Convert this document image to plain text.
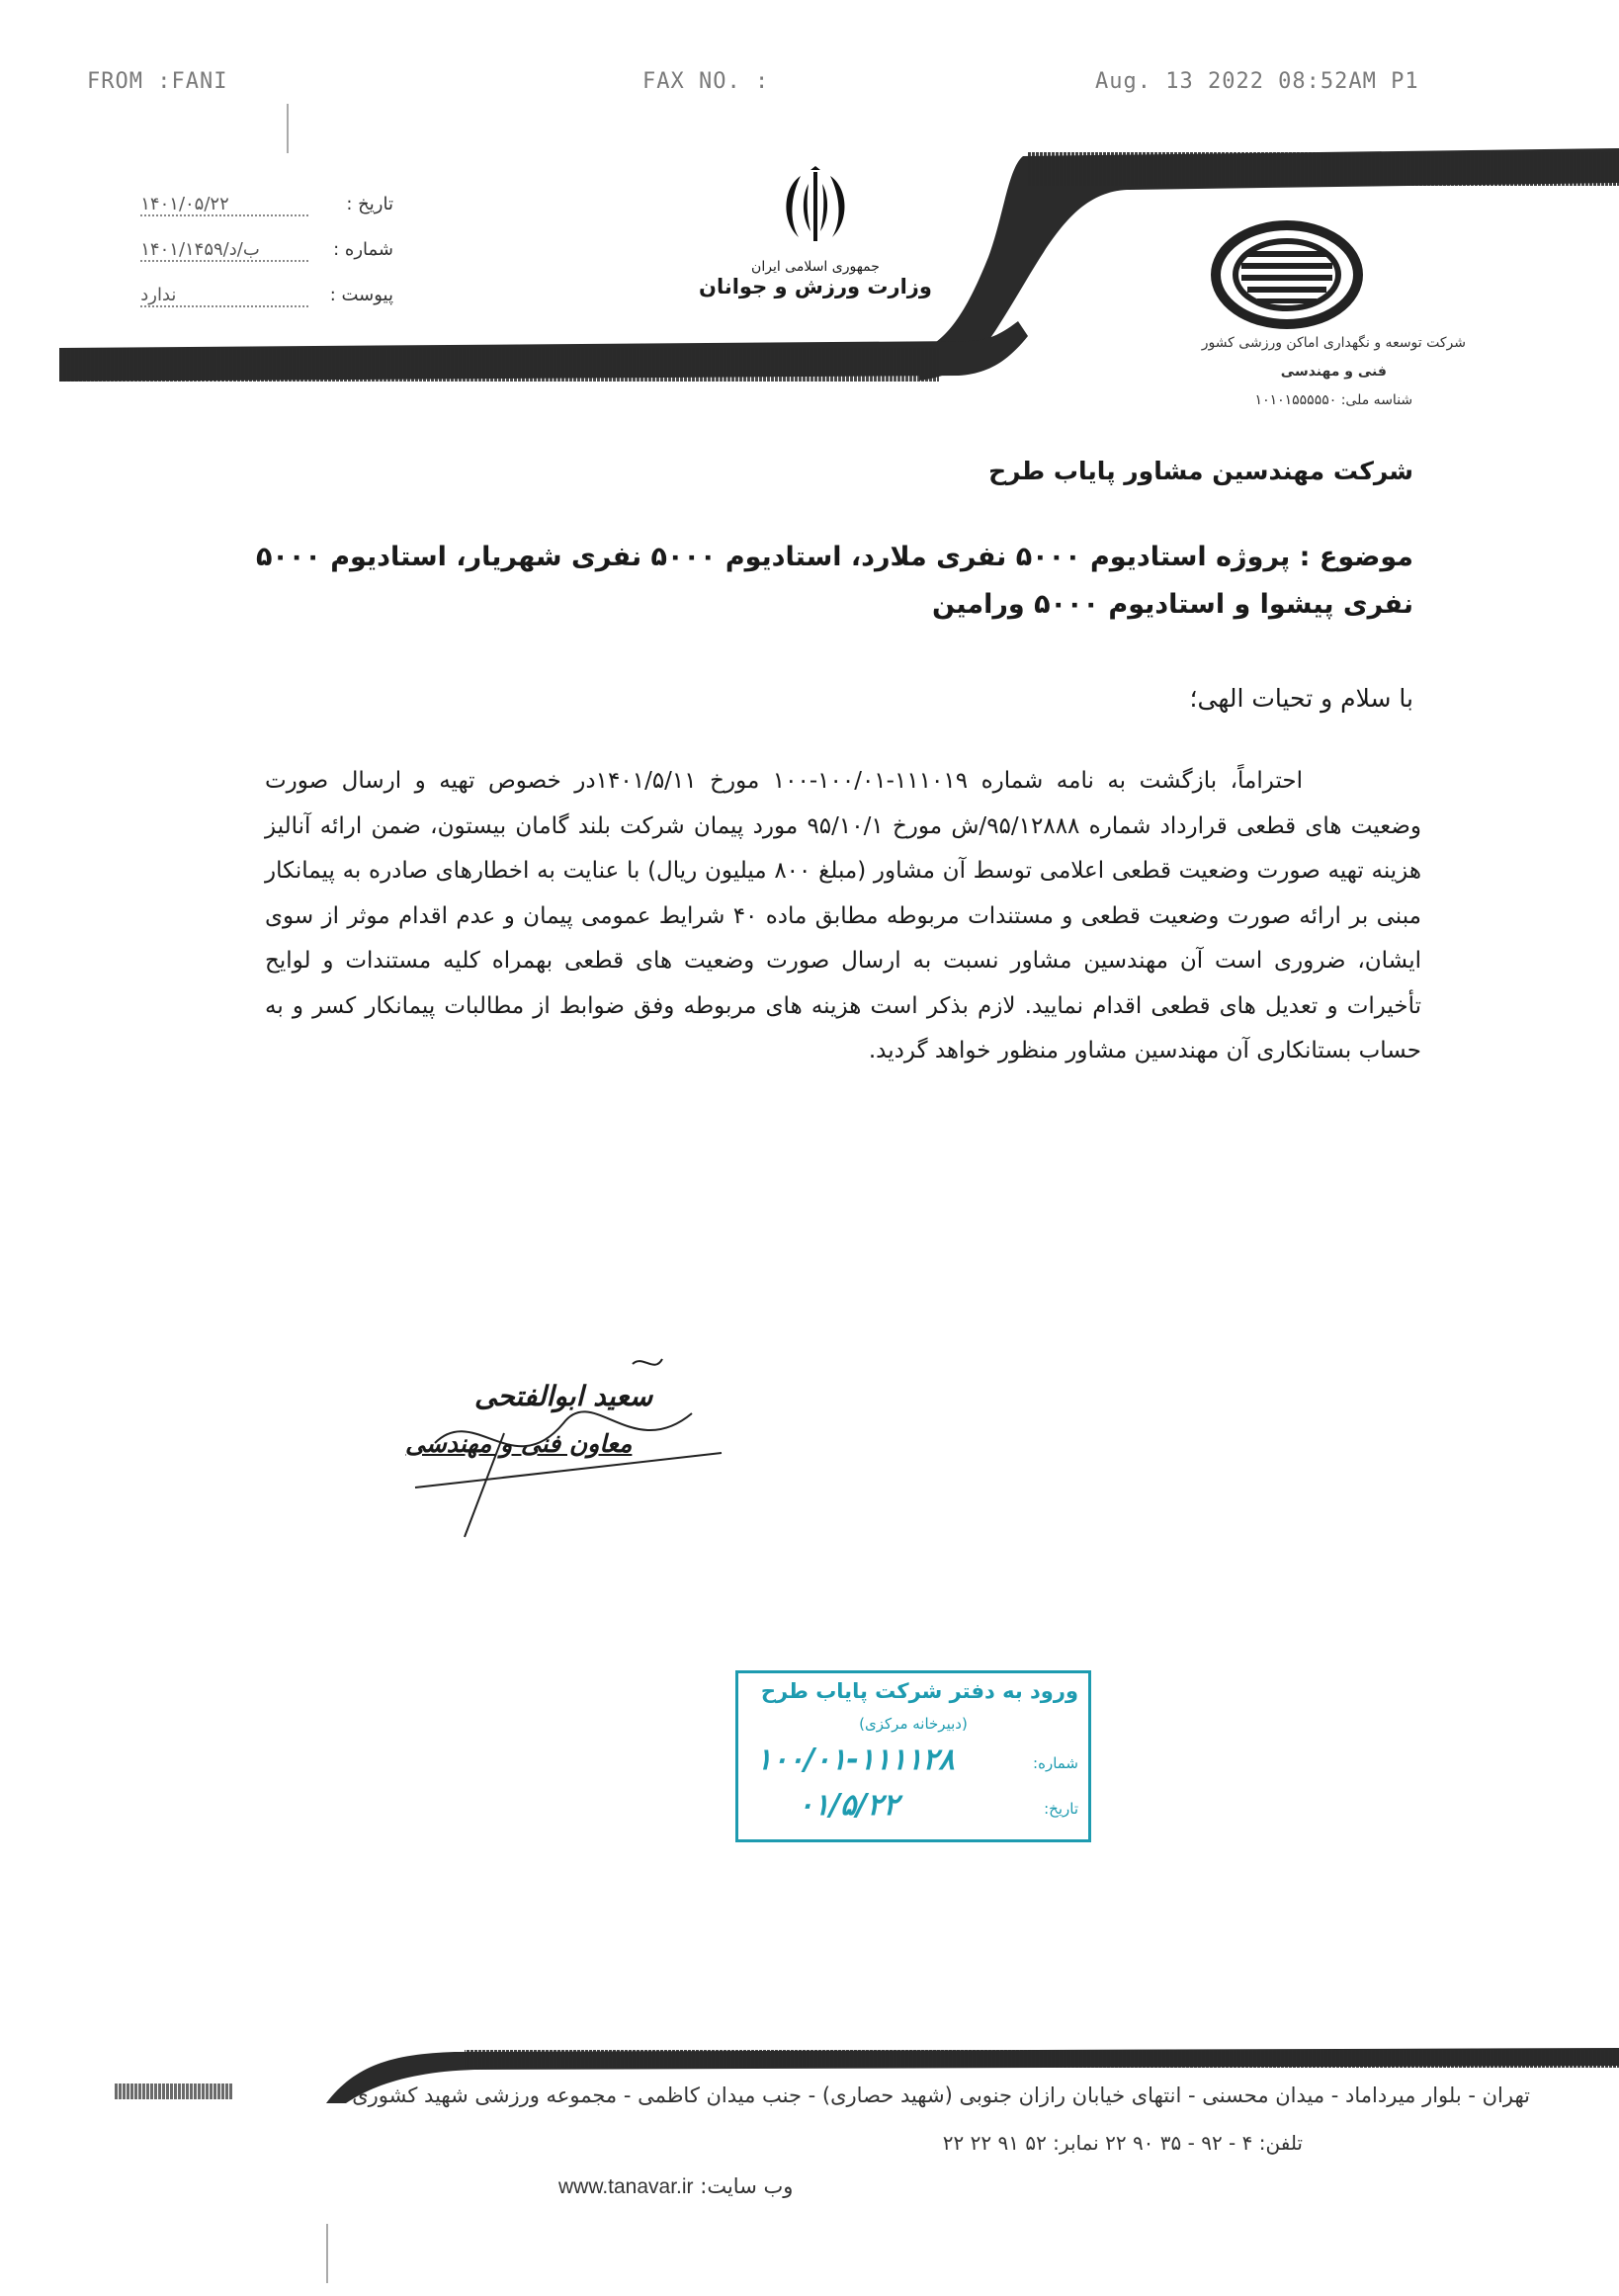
FROM :FANI	FAX NO. :	Aug. 13 2022 08:52AM P1
تاریخ : ۱۴۰۱/۰۵/۲۲
شماره : ۱۴۰۱/۱۴۵۹/ب/د
پیوست : ندارد
جمهوری اسلامی ایران
وزارت ورزش و جوانان
شرکت توسعه و نگهداری اماکن ورزشی کشور
فنی و مهندسی
شناسه ملی: ۱۰۱۰۱۵۵۵۵۵۰
شرکت مهندسین مشاور پایاب طرح
موضوع : پروژه استادیوم ۵۰۰۰ نفری ملارد، استادیوم ۵۰۰۰ نفری شهریار، استادیوم ۵۰۰۰ نفری پیشوا و استادیوم ۵۰۰۰ ورامین
با سلام و تحیات الهی؛

احتراماً، بازگشت به نامه شماره ۱۱۱۰۱۹-۱۰۰/۰۱-۱۰۰ مورخ ۱۴۰۱/۵/۱۱در خصوص تهیه و ارسال صورت وضعیت های قطعی قرارداد شماره ۹۵/۱۲۸۸۸/ش مورخ ۹۵/۱۰/۱ مورد پیمان شرکت بلند گامان بیستون، ضمن ارائه آنالیز هزینه تهیه صورت وضعیت قطعی اعلامی توسط آن مشاور (مبلغ ۸۰۰ میلیون ریال) با عنایت به اخطارهای صادره به پیمانکار مبنی بر ارائه صورت وضعیت قطعی و مستندات مربوطه مطابق ماده ۴۰ شرایط عمومی پیمان و عدم اقدام موثر از سوی ایشان، ضروری است آن مهندسین مشاور نسبت به ارسال صورت وضعیت های قطعی بهمراه کلیه مستندات و لوایح تأخیرات و تعدیل های قطعی اقدام نمایید. لازم بذکر است هزینه های مربوطه وفق ضوابط از مطالبات پیمانکار کسر و به حساب بستانکاری آن مهندسین مشاور منظور خواهد گردید.

سعید ابوالفتحی
معاون فنی و مهندسی
ورود به دفتر شرکت پایاب طرح
(دبیرخانه مرکزی)
شماره:
۱۰۰/۰۱-۱۱۱۱۲۸
تاریخ:
۰۱/۵/۲۲
تهران - بلوار میرداماد - میدان محسنی - انتهای خیابان رازان جنوبی (شهید حصاری) - جنب میدان کاظمی - مجموعه ورزشی شهید کشوری
تلفن: ۴ - ۹۲ - ۳۵ ۹۰ ۲۲ نمابر: ۵۲ ۹۱ ۲۲ ۲۲
www.tanavar.ir وب سایت:
